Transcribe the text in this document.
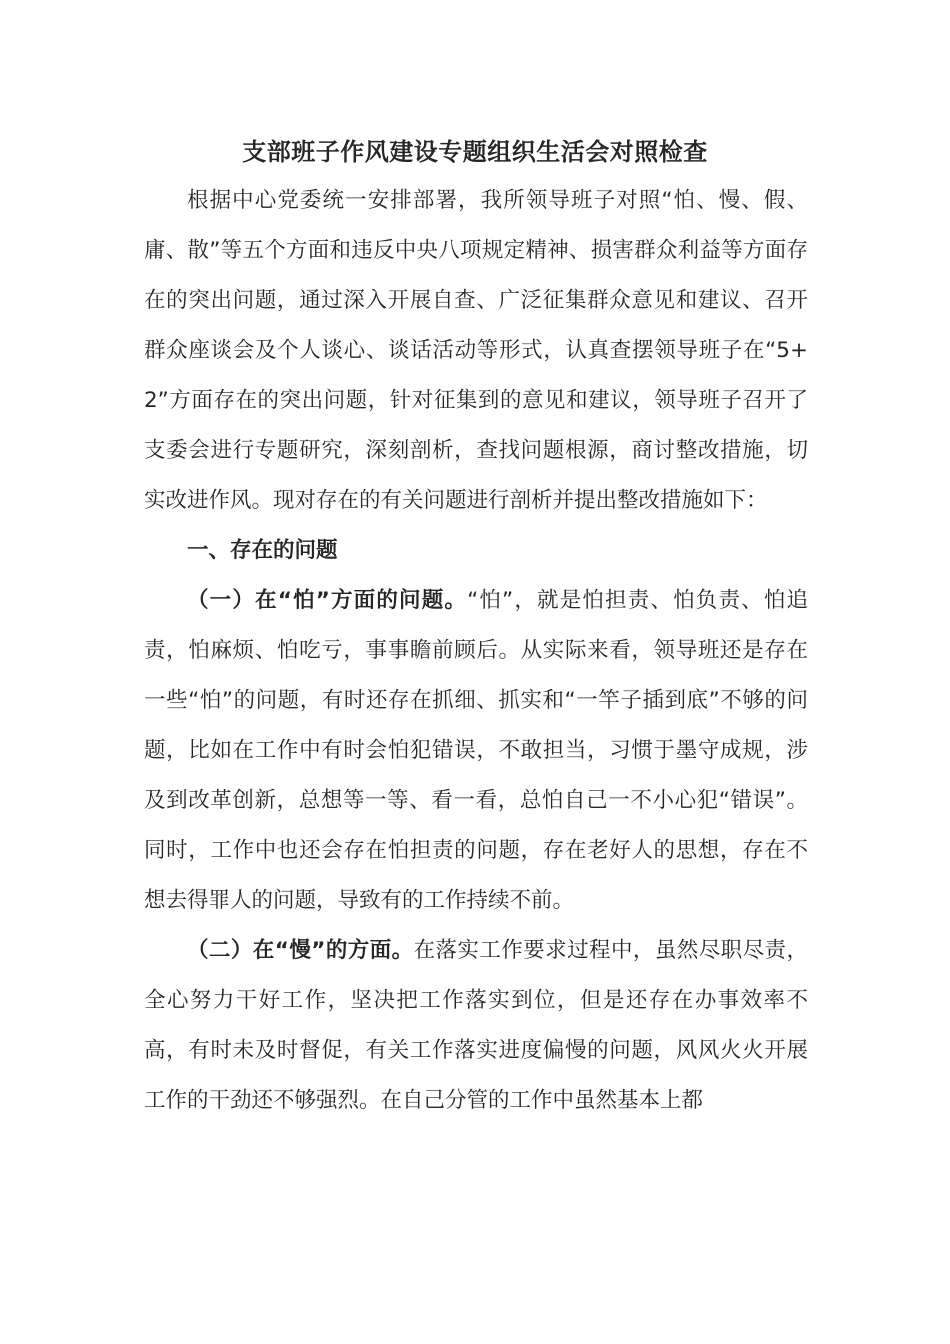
支部班子作风建设专题组织生活会对照检查

根据中心党委统一安排部署，我所领导班子对照“怕、慢、假、庸、散”等五个方面和违反中央八项规定精神、损害群众利益等方面存在的突出问题，通过深入开展自查、广泛征集群众意见和建议、召开群众座谈会及个人谈心、谈话活动等形式，认真查摆领导班子在“5+2”方面存在的突出问题，针对征集到的意见和建议，领导班子召开了支委会进行专题研究，深刻剖析，查找问题根源，商讨整改措施，切实改进作风。现对存在的有关问题进行剖析并提出整改措施如下：

一、存在的问题

（一）在“怕”方面的问题。“怕”，就是怕担责、怕负责、怕追责，怕麻烦、怕吃亏，事事瞻前顾后。从实际来看，领导班还是存在一些“怕”的问题，有时还存在抓细、抓实和“一竿子插到底”不够的问题，比如在工作中有时会怕犯错误，不敢担当，习惯于墨守成规，涉及到改革创新，总想等一等、看一看，总怕自己一不小心犯“错误”。同时，工作中也还会存在怕担责的问题，存在老好人的思想，存在不想去得罪人的问题，导致有的工作持续不前。

（二）在“慢”的方面。在落实工作要求过程中，虽然尽职尽责，全心努力干好工作，坚决把工作落实到位，但是还存在办事效率不高，有时未及时督促，有关工作落实进度偏慢的问题，风风火火开展工作的干劲还不够强烈。在自己分管的工作中虽然基本上都
